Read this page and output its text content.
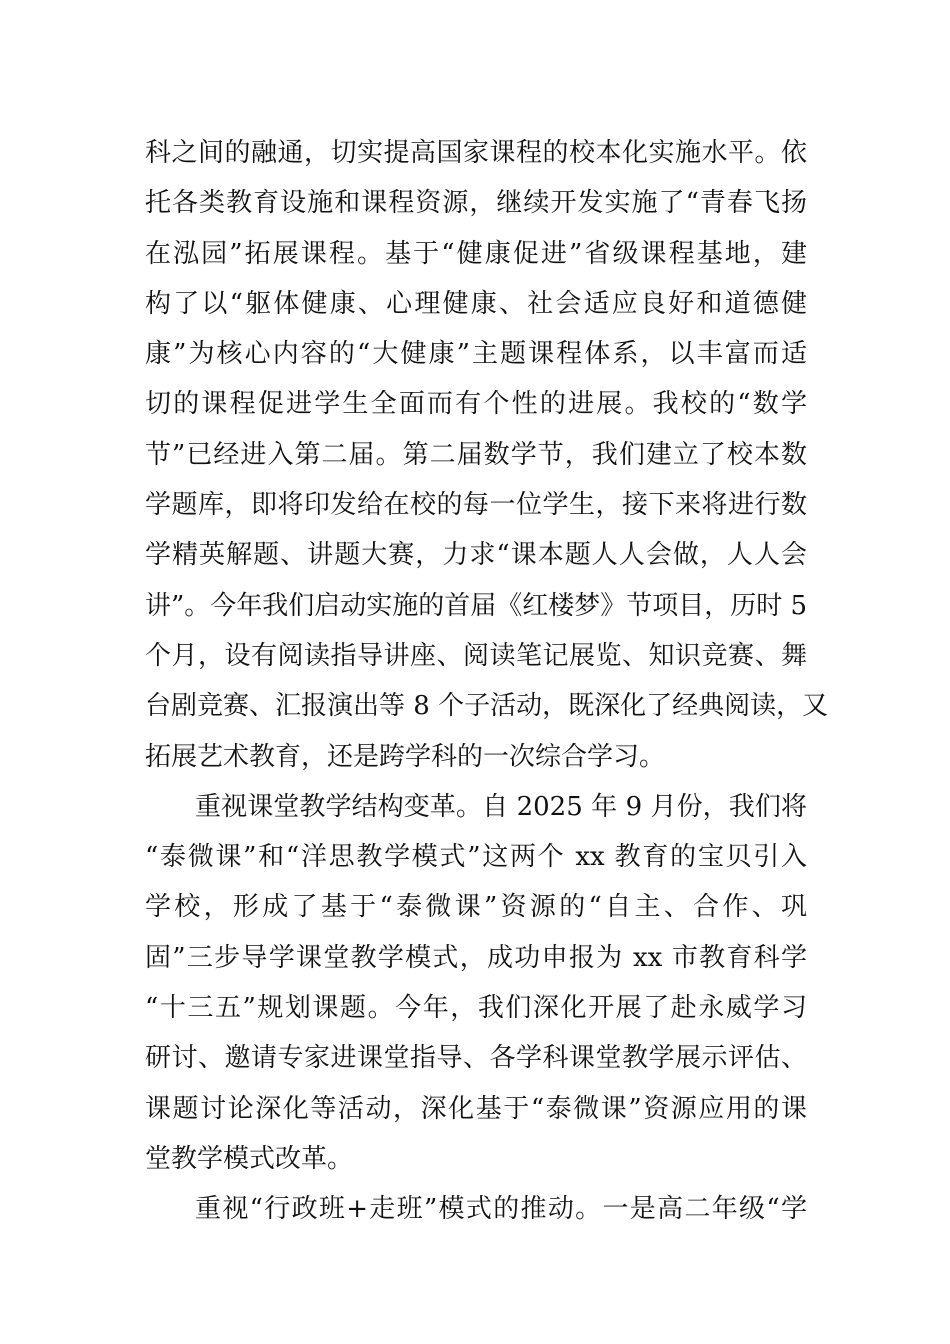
科之间的融通，切实提高国家课程的校本化实施水平。依
托各类教育设施和课程资源，继续开发实施了“青春飞扬
在泓园”拓展课程。基于“健康促进”省级课程基地，建
构了以“躯体健康、心理健康、社会适应良好和道德健
康”为核心内容的“大健康”主题课程体系，以丰富而适
切的课程促进学生全面而有个性的进展。我校的“数学
节”已经进入第二届。第二届数学节，我们建立了校本数
学题库，即将印发给在校的每一位学生，接下来将进行数
学精英解题、讲题大赛，力求“课本题人人会做，人人会
讲”。今年我们启动实施的首届《红楼梦》节项目，历时 5
个月，设有阅读指导讲座、阅读笔记展览、知识竞赛、舞
台剧竞赛、汇报演出等 8 个子活动，既深化了经典阅读，又
拓展艺术教育，还是跨学科的一次综合学习。
重视课堂教学结构变革。自 2025 年 9 月份，我们将
“泰微课”和“洋思教学模式”这两个 xx 教育的宝贝引入
学校，形成了基于“泰微课”资源的“自主、合作、巩
固”三步导学课堂教学模式，成功申报为 xx 市教育科学
“十三五”规划课题。今年，我们深化开展了赴永威学习
研讨、邀请专家进课堂指导、各学科课堂教学展示评估、
课题讨论深化等活动，深化基于“泰微课”资源应用的课
堂教学模式改革。
重视“行政班+走班”模式的推动。一是高二年级“学
